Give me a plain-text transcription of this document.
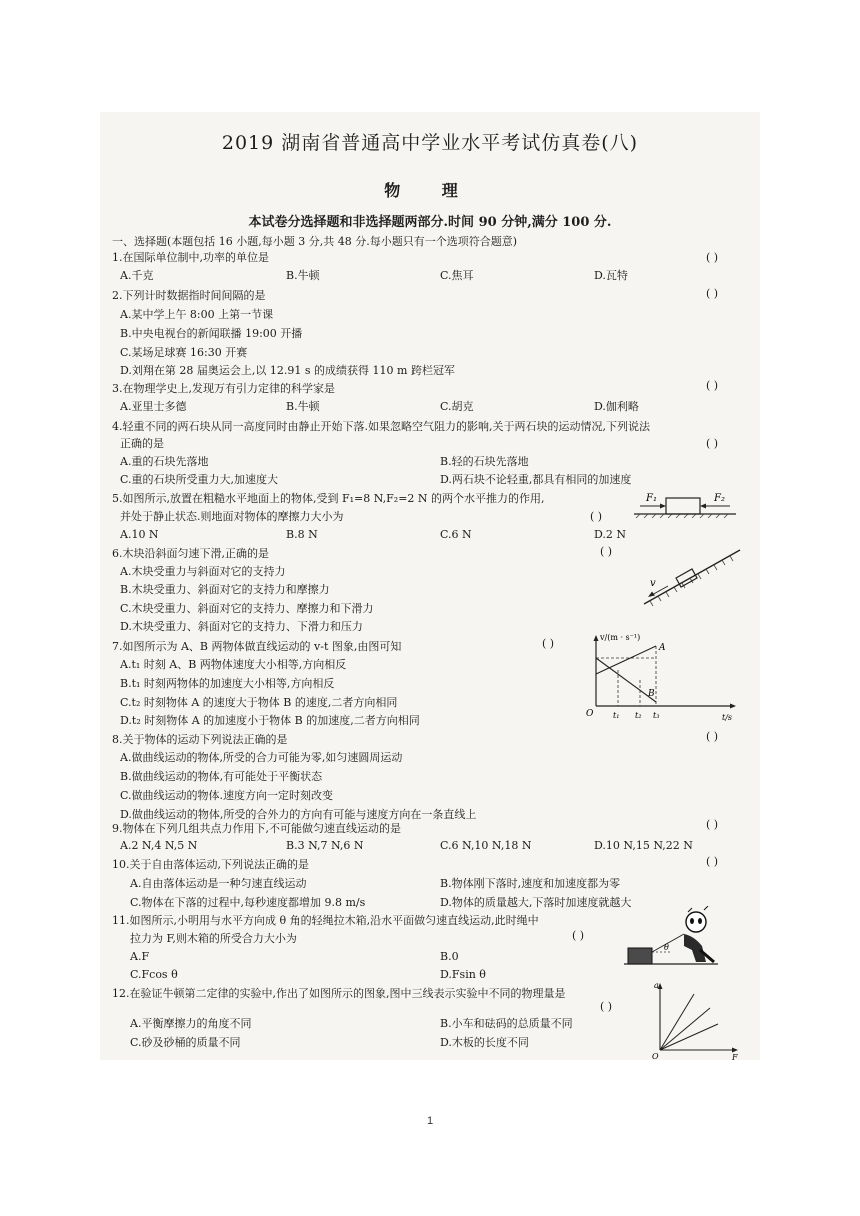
2019 湖南省普通高中学业水平考试仿真卷(八)
物 理
本试卷分选择题和非选择题两部分.时间 90 分钟,满分 100 分.
一、选择题(本题包括 16 小题,每小题 3 分,共 48 分.每小题只有一个选项符合题意)
1.在国际单位制中,功率的单位是	( )
A.千克	B.牛顿	C.焦耳	D.瓦特
2.下列计时数据指时间间隔的是	( )
A.某中学上午 8:00 上第一节课
B.中央电视台的新闻联播 19:00 开播
C.某场足球赛 16:30 开赛
D.刘翔在第 28 届奥运会上,以 12.91 s 的成绩获得 110 m 跨栏冠军
3.在物理学史上,发现万有引力定律的科学家是	( )
A.亚里士多德	B.牛顿	C.胡克	D.伽利略
4.轻重不同的两石块从同一高度同时由静止开始下落.如果忽略空气阻力的影响,关于两石块的运动情况,下列说法
正确的是	( )
A.重的石块先落地	B.轻的石块先落地
C.重的石块所受重力大,加速度大	D.两石块不论轻重,都具有相同的加速度
5.如图所示,放置在粗糙水平地面上的物体,受到 F₁=8 N,F₂=2 N 的两个水平推力的作用,
并处于静止状态.则地面对物体的摩擦力大小为	( )
A.10 N	B.8 N	C.6 N	D.2 N
F₁	F₂
6.木块沿斜面匀速下滑,正确的是	( )
A.木块受重力与斜面对它的支持力
B.木块受重力、斜面对它的支持力和摩擦力
C.木块受重力、斜面对它的支持力、摩擦力和下滑力
D.木块受重力、斜面对它的支持力、下滑力和压力
v
7.如图所示为 A、B 两物体做直线运动的 v-t 图象,由图可知	( )
A.t₁ 时刻 A、B 两物体速度大小相等,方向相反
B.t₁ 时刻两物体的加速度大小相等,方向相反
C.t₂ 时刻物体 A 的速度大于物体 B 的速度,二者方向相同
D.t₂ 时刻物体 A 的加速度小于物体 B 的加速度,二者方向相同
v/(m · s⁻¹)
t/s
O
A
B
t₁ t₂ t₃
8.关于物体的运动下列说法正确的是	( )
A.做曲线运动的物体,所受的合力可能为零,如匀速圆周运动
B.做曲线运动的物体,有可能处于平衡状态
C.做曲线运动的物体.速度方向一定时刻改变
D.做曲线运动的物体,所受的合外力的方向有可能与速度方向在一条直线上
9.物体在下列几组共点力作用下,不可能做匀速直线运动的是	( )
A.2 N,4 N,5 N	B.3 N,7 N,6 N	C.6 N,10 N,18 N	D.10 N,15 N,22 N
10.关于自由落体运动,下列说法正确的是	( )
A.自由落体运动是一种匀速直线运动	B.物体刚下落时,速度和加速度都为零
C.物体在下落的过程中,每秒速度都增加 9.8 m/s	D.物体的质量越大,下落时加速度就越大
11.如图所示,小明用与水平方向成 θ 角的轻绳拉木箱,沿水平面做匀速直线运动,此时绳中
拉力为 F,则木箱的所受合力大小为	( )
A.F	B.0
C.Fcos θ	D.Fsin θ
θ
12.在验证牛顿第二定律的实验中,作出了如图所示的图象,图中三线表示实验中不同的物理量是
( )
A.平衡摩擦力的角度不同	B.小车和砝码的总质量不同
C.砂及砂桶的质量不同	D.木板的长度不同
a
F
O
1
